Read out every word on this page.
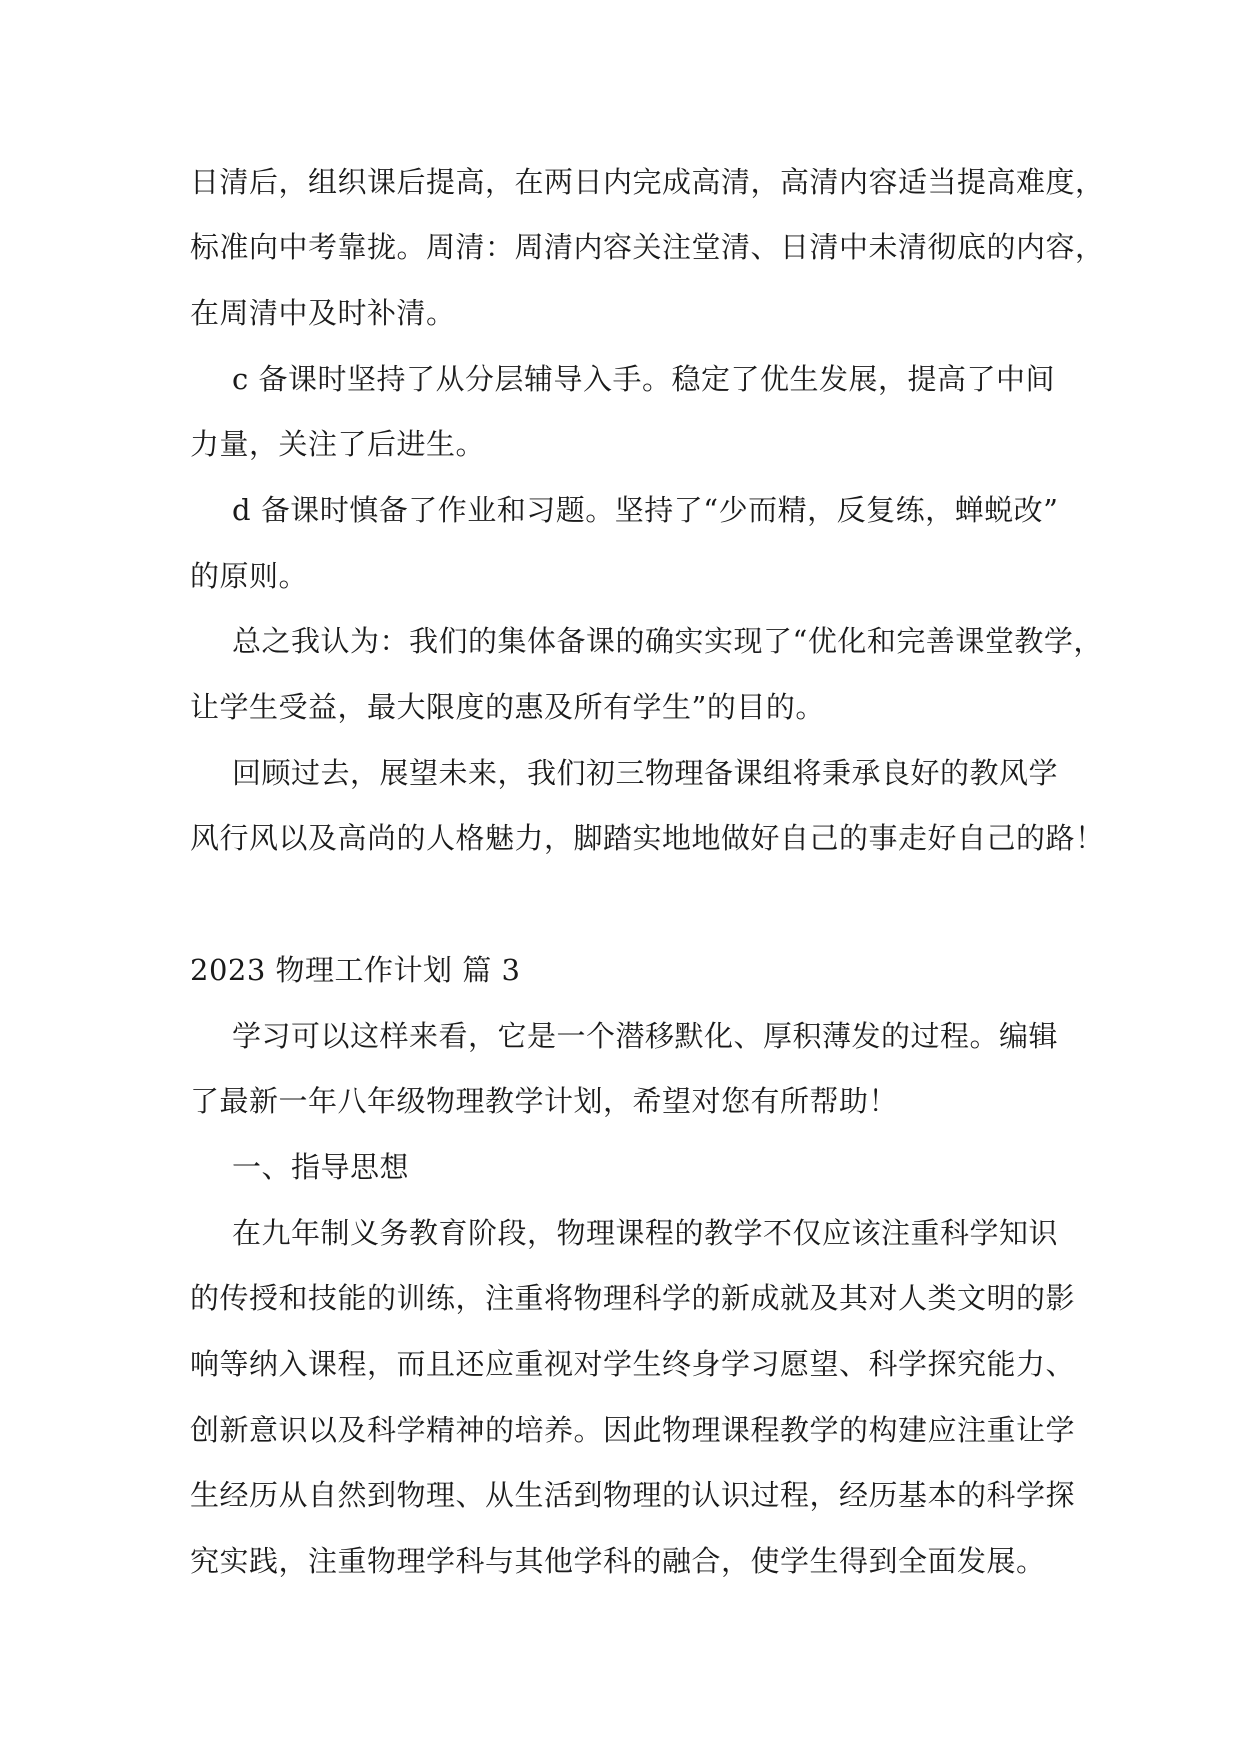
日清后，组织课后提高，在两日内完成高清，高清内容适当提高难度，
标准向中考靠拢。周清：周清内容关注堂清、日清中未清彻底的内容，
在周清中及时补清。
c 备课时坚持了从分层辅导入手。稳定了优生发展，提高了中间
力量，关注了后进生。
d 备课时慎备了作业和习题。坚持了“少而精，反复练，蝉蜕改”
的原则。
总之我认为：我们的集体备课的确实实现了“优化和完善课堂教学，
让学生受益，最大限度的惠及所有学生”的目的。
回顾过去，展望未来，我们初三物理备课组将秉承良好的教风学
风行风以及高尚的人格魅力，脚踏实地地做好自己的事走好自己的路！
2023 物理工作计划 篇 3
学习可以这样来看，它是一个潜移默化、厚积薄发的过程。编辑
了最新一年八年级物理教学计划，希望对您有所帮助！
一、指导思想
在九年制义务教育阶段，物理课程的教学不仅应该注重科学知识
的传授和技能的训练，注重将物理科学的新成就及其对人类文明的影
响等纳入课程，而且还应重视对学生终身学习愿望、科学探究能力、
创新意识以及科学精神的培养。因此物理课程教学的构建应注重让学
生经历从自然到物理、从生活到物理的认识过程，经历基本的科学探
究实践，注重物理学科与其他学科的融合，使学生得到全面发展。
